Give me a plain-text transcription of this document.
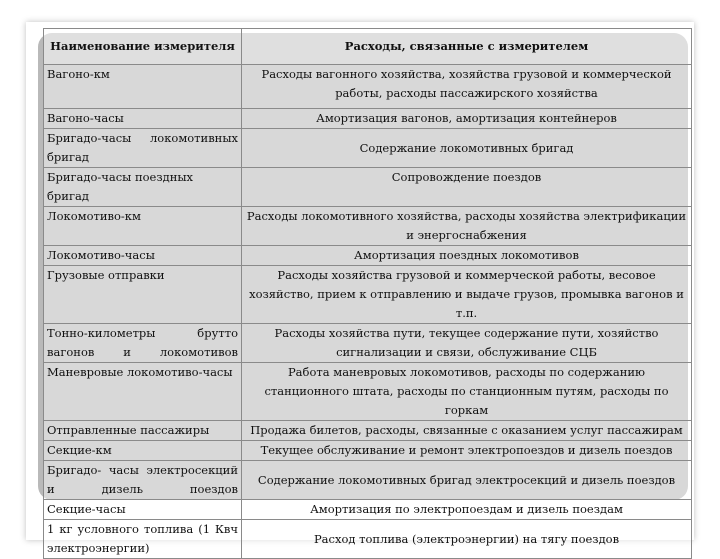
Наименование измерителя	Расходы, связанные с измерителем
Вагоно-км	Расходы вагонного хозяйства, хозяйства грузовой и коммерческой работы, расходы пассажирского хозяйства
Вагоно-часы	Амортизация вагонов, амортизация контейнеров
Бригадо-часы локомотивных бригад	Содержание локомотивных бригад
Бригадо-часы поездных бригад	Сопровождение поездов
Локомотиво-км	Расходы локомотивного хозяйства, расходы хозяйства электрификации и энергоснабжения
Локомотиво-часы	Амортизация поездных локомотивов
Грузовые отправки	Расходы хозяйства грузовой и коммерческой работы, весовое хозяйство, прием к отправлению и выдаче грузов, промывка вагонов и т.п.
Тонно-километры брутто вагонов и локомотивов	Расходы хозяйства пути, текущее содержание пути, хозяйство сигнализации и связи, обслуживание СЦБ
Маневровые локомотиво-часы	Работа маневровых локомотивов, расходы по содержанию станционного штата, расходы по станционным путям, расходы по горкам
Отправленные пассажиры	Продажа билетов, расходы, связанные с оказанием услуг пассажирам
Секцие-км	Текущее обслуживание и ремонт электропоездов и дизель поездов
Бригадо- часы электросекций и дизель поездов	Содержание локомотивных бригад электросекций и дизель поездов
Секцие-часы	Амортизация по электропоездам и дизель поездам
1 кг условного топлива (1 Квч электроэнергии)	Расход топлива (электроэнергии) на тягу поездов
